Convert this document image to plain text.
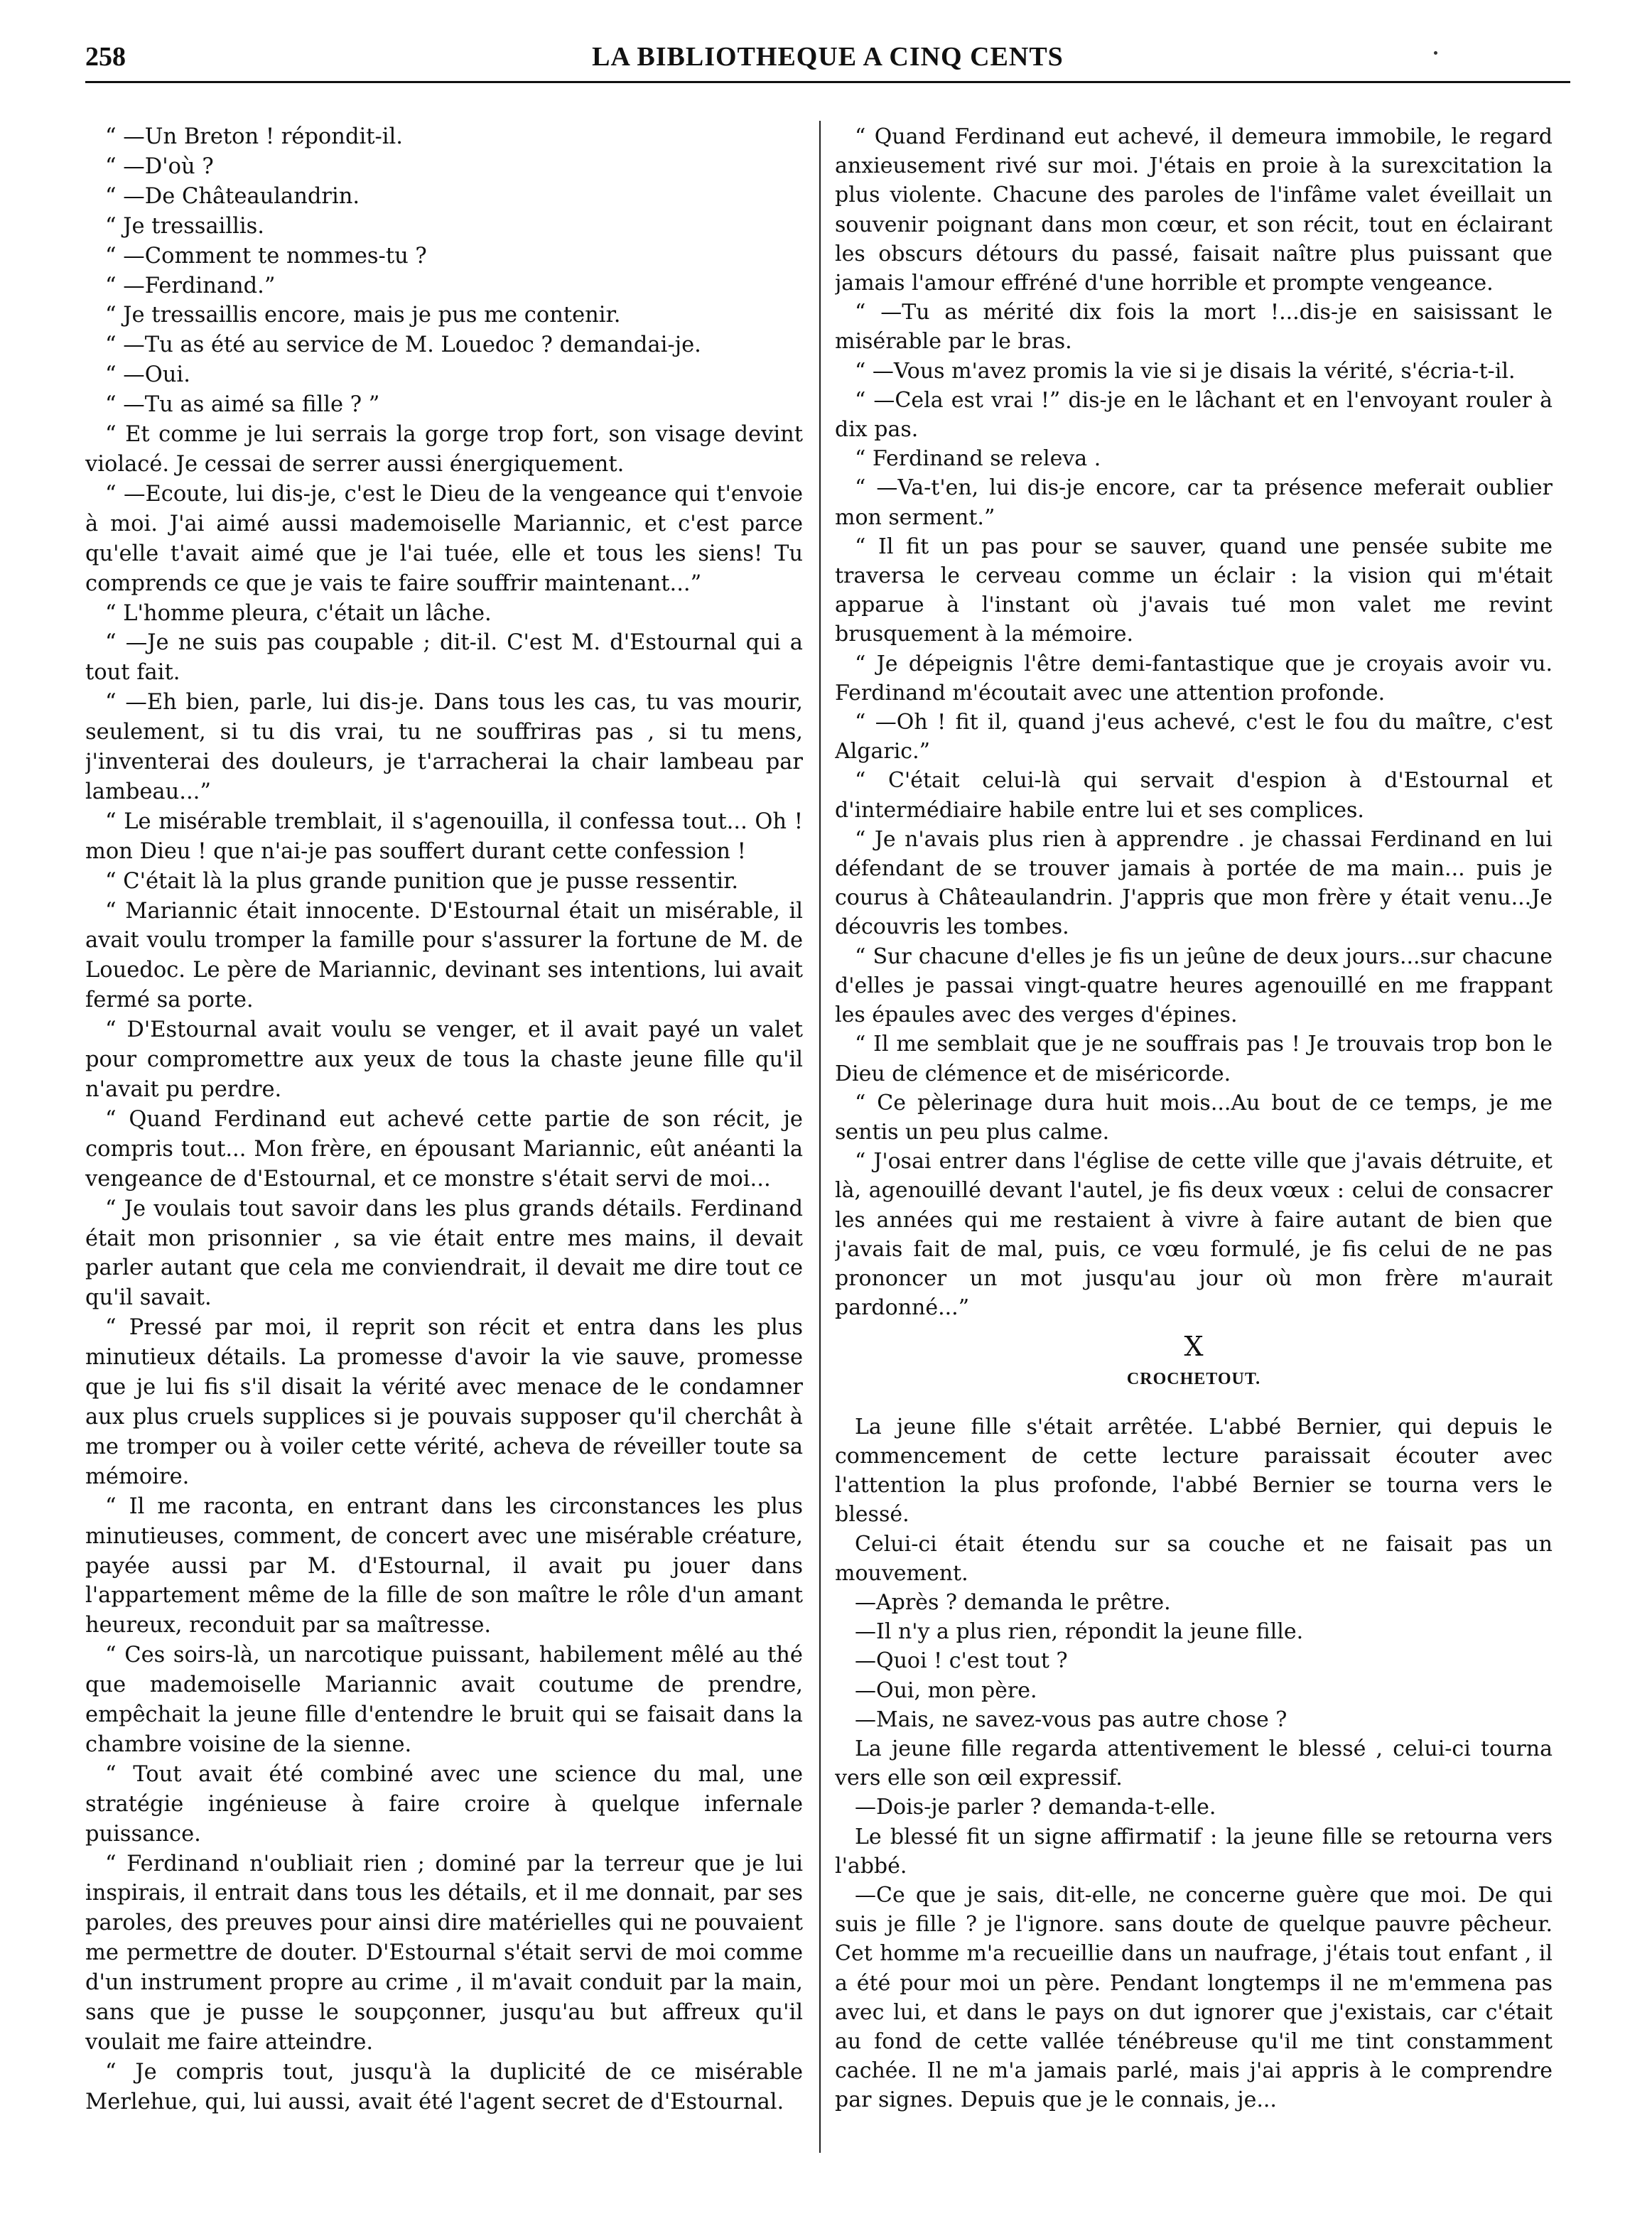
258	LA BIBLIOTHEQUE A CINQ CENTS

“ —Un Breton ! répondit-il.

“ —D'où ?

“ —De Châteaulandrin.

“ Je tressaillis.

“ —Comment te nommes-tu ?

“ —Ferdinand.”

“ Je tressaillis encore, mais je pus me contenir.

“ —Tu as été au service de M. Louedoc ? demandai-je.

“ —Oui.

“ —Tu as aimé sa fille ? ”

“ Et comme je lui serrais la gorge trop fort, son visage devint violacé. Je cessai de serrer aussi énergiquement.

“ —Ecoute, lui dis-je, c'est le Dieu de la vengeance qui t'envoie à moi. J'ai aimé aussi mademoiselle Mariannic, et c'est parce qu'elle t'avait aimé que je l'ai tuée, elle et tous les siens! Tu comprends ce que je vais te faire souffrir maintenant...”

“ L'homme pleura, c'était un lâche.

“ —Je ne suis pas coupable ; dit-il. C'est M. d'Estournal qui a tout fait.

“ —Eh bien, parle, lui dis-je. Dans tous les cas, tu vas mourir, seulement, si tu dis vrai, tu ne souffriras pas , si tu mens, j'inventerai des douleurs, je t'arracherai la chair lambeau par lambeau...”

“ Le misérable tremblait, il s'agenouilla, il confessa tout... Oh ! mon Dieu ! que n'ai-je pas souffert durant cette confession !

“ C'était là la plus grande punition que je pusse ressentir.

“ Mariannic était innocente. D'Estournal était un misérable, il avait voulu tromper la famille pour s'assurer la fortune de M. de Louedoc. Le père de Mariannic, devinant ses intentions, lui avait fermé sa porte.

“ D'Estournal avait voulu se venger, et il avait payé un valet pour compromettre aux yeux de tous la chaste jeune fille qu'il n'avait pu perdre.

“ Quand Ferdinand eut achevé cette partie de son récit, je compris tout... Mon frère, en épousant Mariannic, eût anéanti la vengeance de d'Estournal, et ce monstre s'était servi de moi...

“ Je voulais tout savoir dans les plus grands détails. Ferdinand était mon prisonnier , sa vie était entre mes mains, il devait parler autant que cela me conviendrait, il devait me dire tout ce qu'il savait.

“ Pressé par moi, il reprit son récit et entra dans les plus minutieux détails. La promesse d'avoir la vie sauve, promesse que je lui fis s'il disait la vérité avec menace de le condamner aux plus cruels supplices si je pouvais supposer qu'il cherchât à me tromper ou à voiler cette vérité, acheva de réveiller toute sa mémoire.

“ Il me raconta, en entrant dans les circonstances les plus minutieuses, comment, de concert avec une misérable créature, payée aussi par M. d'Estournal, il avait pu jouer dans l'appartement même de la fille de son maître le rôle d'un amant heureux, reconduit par sa maîtresse.

“ Ces soirs-là, un narcotique puissant, habilement mêlé au thé que mademoiselle Mariannic avait coutume de prendre, empêchait la jeune fille d'entendre le bruit qui se faisait dans la chambre voisine de la sienne.

“ Tout avait été combiné avec une science du mal, une stratégie ingénieuse à faire croire à quelque infernale puissance.

“ Ferdinand n'oubliait rien ; dominé par la terreur que je lui inspirais, il entrait dans tous les détails, et il me donnait, par ses paroles, des preuves pour ainsi dire matérielles qui ne pouvaient me permettre de douter. D'Estournal s'était servi de moi comme d'un instrument propre au crime , il m'avait conduit par la main, sans que je pusse le soupçonner, jusqu'au but affreux qu'il voulait me faire atteindre.

“ Je compris tout, jusqu'à la duplicité de ce misérable Merlehue, qui, lui aussi, avait été l'agent secret de d'Estournal.

“ Quand Ferdinand eut achevé, il demeura immobile, le regard anxieusement rivé sur moi. J'étais en proie à la surexcitation la plus violente. Chacune des paroles de l'infâme valet éveillait un souvenir poignant dans mon cœur, et son récit, tout en éclairant les obscurs détours du passé, faisait naître plus puissant que jamais l'amour effréné d'une horrible et prompte vengeance.

“ —Tu as mérité dix fois la mort !...dis-je en saisissant le misérable par le bras.

“ —Vous m'avez promis la vie si je disais la vérité, s'écria-t-il.

“ —Cela est vrai !” dis-je en le lâchant et en l'envoyant rouler à dix pas.

“ Ferdinand se releva .

“ —Va-t'en, lui dis-je encore, car ta présence meferait oublier mon serment.”

“ Il fit un pas pour se sauver, quand une pensée subite me traversa le cerveau comme un éclair : la vision qui m'était apparue à l'instant où j'avais tué mon valet me revint brusquement à la mémoire.

“ Je dépeignis l'être demi-fantastique que je croyais avoir vu. Ferdinand m'écoutait avec une attention profonde.

“ —Oh ! fit il, quand j'eus achevé, c'est le fou du maître, c'est Algaric.”

“ C'était celui-là qui servait d'espion à d'Estournal et d'intermédiaire habile entre lui et ses complices.

“ Je n'avais plus rien à apprendre . je chassai Ferdinand en lui défendant de se trouver jamais à portée de ma main... puis je courus à Châteaulandrin. J'appris que mon frère y était venu...Je découvris les tombes.

“ Sur chacune d'elles je fis un jeûne de deux jours...sur chacune d'elles je passai vingt-quatre heures agenouillé en me frappant les épaules avec des verges d'épines.

“ Il me semblait que je ne souffrais pas ! Je trouvais trop bon le Dieu de clémence et de miséricorde.

“ Ce pèlerinage dura huit mois...Au bout de ce temps, je me sentis un peu plus calme.

“ J'osai entrer dans l'église de cette ville que j'avais détruite, et là, agenouillé devant l'autel, je fis deux vœux : celui de consacrer les années qui me restaient à vivre à faire autant de bien que j'avais fait de mal, puis, ce vœu formulé, je fis celui de ne pas prononcer un mot jusqu'au jour où mon frère m'aurait pardonné...”

X
CROCHETOUT.

La jeune fille s'était arrêtée. L'abbé Bernier, qui depuis le commencement de cette lecture paraissait écouter avec l'attention la plus profonde, l'abbé Bernier se tourna vers le blessé.

Celui-ci était étendu sur sa couche et ne faisait pas un mouvement.

—Après ? demanda le prêtre.

—Il n'y a plus rien, répondit la jeune fille.

—Quoi ! c'est tout ?

—Oui, mon père.

—Mais, ne savez-vous pas autre chose ?

La jeune fille regarda attentivement le blessé , celui-ci tourna vers elle son œil expressif.

—Dois-je parler ? demanda-t-elle.

Le blessé fit un signe affirmatif : la jeune fille se retourna vers l'abbé.

—Ce que je sais, dit-elle, ne concerne guère que moi. De qui suis je fille ? je l'ignore. sans doute de quelque pauvre pêcheur. Cet homme m'a recueillie dans un naufrage, j'étais tout enfant , il a été pour moi un père. Pendant longtemps il ne m'emmena pas avec lui, et dans le pays on dut ignorer que j'existais, car c'était au fond de cette vallée ténébreuse qu'il me tint constamment cachée. Il ne m'a jamais parlé, mais j'ai appris à le comprendre par signes. Depuis que je le connais, je...
